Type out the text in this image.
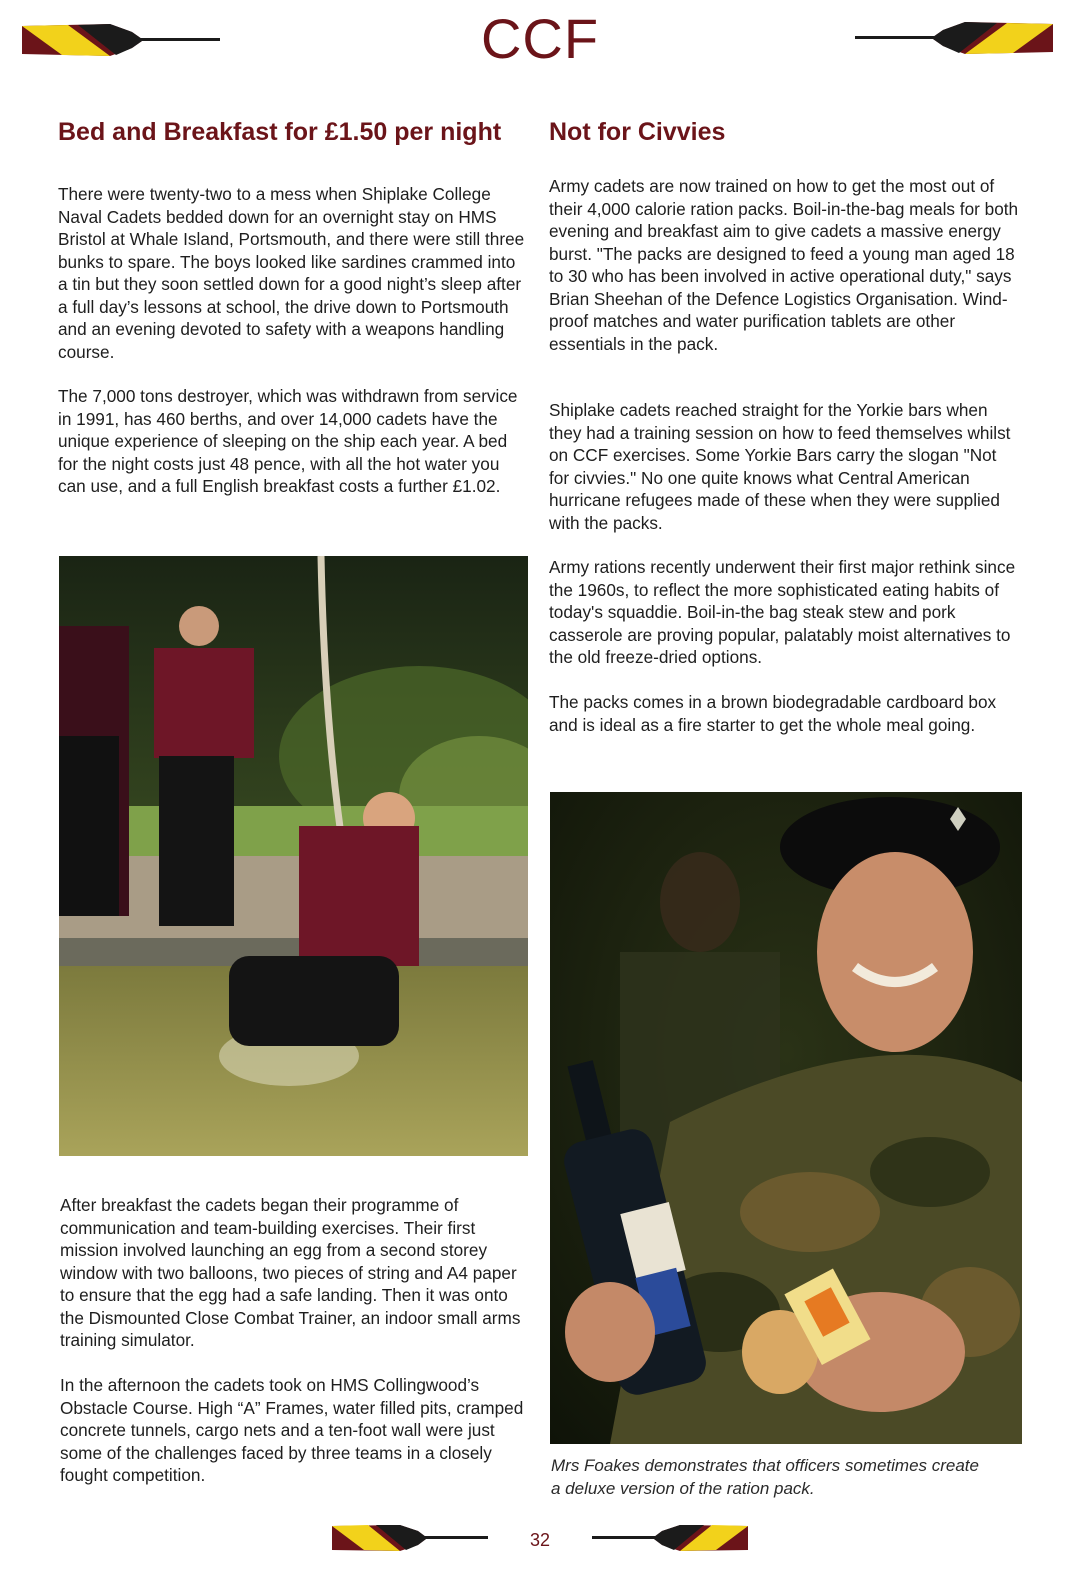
CCF
Bed and Breakfast for £1.50 per night

There were twenty-two to a mess when Shiplake College Naval Cadets bedded down for an overnight stay on HMS Bristol at Whale Island, Portsmouth, and there were still three bunks to spare. The boys looked like sardines crammed into a tin but they soon settled down for a good night’s sleep after a full day’s lessons at school, the drive down to Portsmouth and an evening devoted to safety with a weapons handling course.

The 7,000 tons destroyer, which was withdrawn from service in 1991, has 460 berths, and over 14,000 cadets have the unique experience of sleeping on the ship each year. A bed for the night costs just 48 pence, with all the hot water you can use, and a full English breakfast costs a further £1.02.

After breakfast the cadets began their programme of communication and team-building exercises. Their first mission involved launching an egg from a second storey window with two balloons, two pieces of string and A4 paper to ensure that the egg had a safe landing. Then it was onto the Dismounted Close Combat Trainer, an indoor small arms training simulator.

In the afternoon the cadets took on HMS Collingwood’s Obstacle Course. High “A” Frames, water filled pits, cramped concrete tunnels, cargo nets and a ten-foot wall were just some of the challenges faced by three teams in a closely fought competition.

Not for Civvies

Army cadets are now trained on how to get the most out of their 4,000 calorie ration packs. Boil-in-the-bag meals for both evening and breakfast aim to give cadets a massive energy burst. "The packs are designed to feed a young man aged 18 to 30 who has been involved in active operational duty," says Brian Sheehan of the Defence Logistics Organisation. Wind-proof matches and water purification tablets are other essentials in the pack.

Shiplake cadets reached straight for the Yorkie bars when they had a training session on how to feed themselves whilst on CCF exercises. Some Yorkie Bars carry the slogan "Not for civvies." No one quite knows what Central American hurricane refugees made of these when they were supplied with the packs.

Army rations recently underwent their first major rethink since the 1960s, to reflect the more sophisticated eating habits of today's squaddie. Boil-in-the bag steak stew and pork casserole are proving popular, palatably moist alternatives to the old freeze-dried options.

The packs comes in a brown biodegradable cardboard box and is ideal as a fire starter to get the whole meal going.

Mrs Foakes demonstrates that officers sometimes create a deluxe version of the ration pack.

32
